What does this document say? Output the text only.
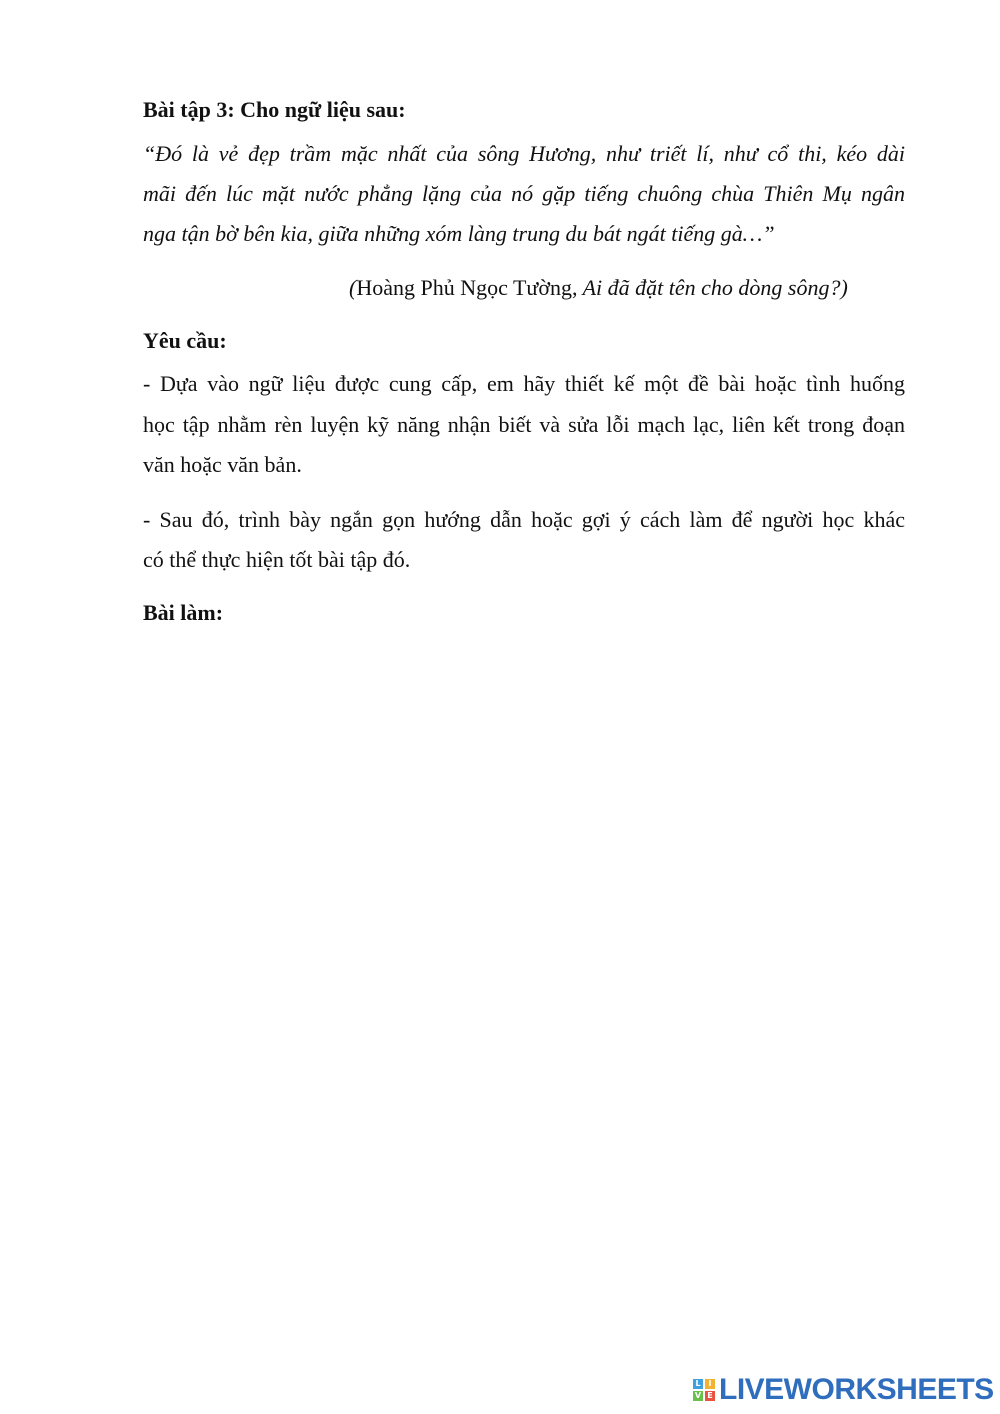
Bài tập 3: Cho ngữ liệu sau:
“Đó là vẻ đẹp trầm mặc nhất của sông Hương, như triết lí, như cổ thi, kéo dài
mãi đến lúc mặt nước phẳng lặng của nó gặp tiếng chuông chùa Thiên Mụ ngân
nga tận bờ bên kia, giữa những xóm làng trung du bát ngát tiếng gà…”
(Hoàng Phủ Ngọc Tường, Ai đã đặt tên cho dòng sông?)
Yêu cầu:
- Dựa vào ngữ liệu được cung cấp, em hãy thiết kế một đề bài hoặc tình huống
học tập nhằm rèn luyện kỹ năng nhận biết và sửa lỗi mạch lạc, liên kết trong đoạn
văn hoặc văn bản.
- Sau đó, trình bày ngắn gọn hướng dẫn hoặc gợi ý cách làm để người học khác
có thể thực hiện tốt bài tập đó.
Bài làm:
L I
V E LIVEWORKSHEETS
